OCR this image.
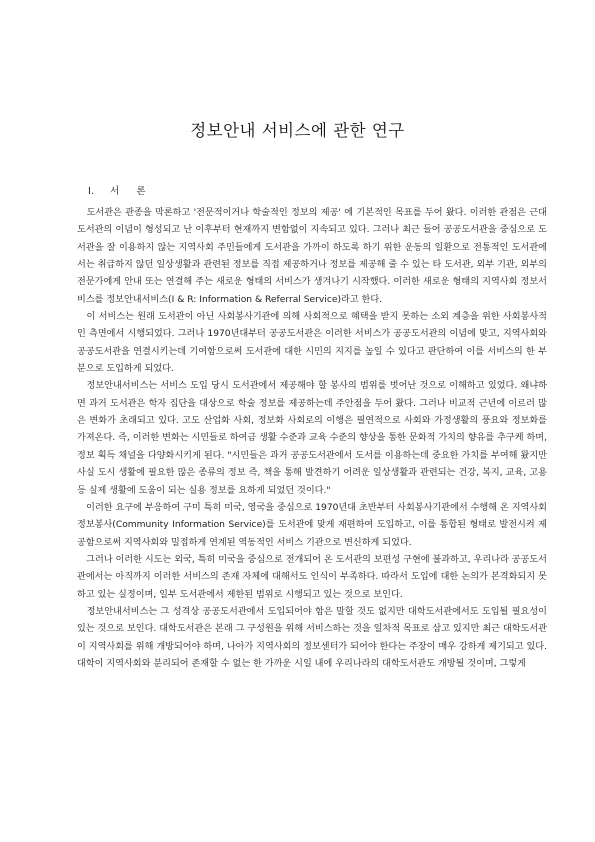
정보안내 서비스에 관한 연구
Ⅰ. 서 론

　도서관은 관종을 막론하고 '전문적이거나 학술적인 정보의 제공' 에 기본적인 목표를 두어 왔다. 이러한 관점은 근대 도서관의 이념이 형성되고 난 이후부터 현재까지 변함없이 지속되고 있다. 그러나 최근 들어 공공도서관을 중심으로 도서관을 잘 이용하지 않는 지역사회 주민들에게 도서관을 가까이 하도록 하기 위한 운동의 일환으로 전통적인 도서관에서는 취급하지 않던 일상생활과 관련된 정보를 직접 제공하거나 정보를 제공해 줄 수 있는 타 도서관, 외부 기관, 외부의 전문가에게 안내 또는 연결해 주는 새로운 형태의 서비스가 생겨나기 시작했다. 이러한 새로운 형태의 지역사회 정보서비스를 정보안내서비스(I & R: Information & Referral Service)라고 한다.

　이 서비스는 원래 도서관이 아닌 사회봉사기관에 의해 사회적으로 혜택을 받지 못하는 소외 계층을 위한 사회봉사적인 측면에서 시행되었다. 그러나 1970년대부터 공공도서관은 이러한 서비스가 공공도서관의 이념에 맞고, 지역사회와 공공도서관을 연결시키는데 기여함으로써 도서관에 대한 시민의 지지를 높일 수 있다고 판단하여 이를 서비스의 한 부분으로 도입하게 되었다.

　정보안내서비스는 서비스 도입 당시 도서관에서 제공해야 할 봉사의 범위를 벗어난 것으로 이해하고 있었다. 왜냐하면 과거 도서관은 학자 집단을 대상으로 학술 정보를 제공하는데 주안점을 두어 왔다. 그러나 비교적 근년에 이르러 많은 변화가 초래되고 있다. 고도 산업화 사회, 정보화 사회로의 이행은 필연적으로 사회와 가정생활의 풍요와 정보화를 가져온다. 즉, 이러한 변화는 시민들로 하여금 생활 수준과 교육 수준의 향상을 통한 문화적 가치의 향유를 추구케 하며, 정보 획득 채널을 다양화시키게 된다. "시민들은 과거 공공도서관에서 도서를 이용하는데 중요한 가치를 부여해 왔지만 사실 도시 생활에 필요한 많은 종류의 정보 즉, 책을 통해 발견하기 어려운 일상생활과 관련되는 건강, 복지, 교육, 고용 등 실제 생활에 도움이 되는 실용 정보를 요하게 되었던 것이다."

　이러한 요구에 부응하여 구미 특히 미국, 영국을 중심으로 1970년대 초반부터 사회봉사기관에서 수행해 온 지역사회정보봉사(Community Information Service)를 도서관에 맞게 재편하여 도입하고, 이를 통합된 형태로 발전시켜 제공함으로써 지역사회와 밀접하게 연계된 역동적인 서비스 기관으로 변신하게 되었다.

　그러나 이러한 시도는 외국, 특히 미국을 중심으로 전개되어 온 도서관의 보편성 구현에 불과하고, 우리나라 공공도서관에서는 아직까지 이러한 서비스의 존재 자체에 대해서도 인식이 부족하다. 따라서 도입에 대한 논의가 본격화되지 못하고 있는 실정이며, 일부 도서관에서 제한된 범위로 시행되고 있는 것으로 보인다.

　정보안내서비스는 그 성격상 공공도서관에서 도입되어야 함은 말할 것도 없지만 대학도서관에서도 도입될 필요성이 있는 것으로 보인다. 대학도서관은 본래 그 구성원을 위해 서비스하는 것을 일차적 목표로 삼고 있지만 최근 대학도서관이 지역사회를 위해 개방되어야 하며, 나아가 지역사회의 정보센터가 되어야 한다는 주장이 매우 강하게 제기되고 있다. 대학이 지역사회와 분리되어 존재할 수 없는 한 가까운 시일 내에 우리나라의 대학도서관도 개방될 것이며, 그렇게
